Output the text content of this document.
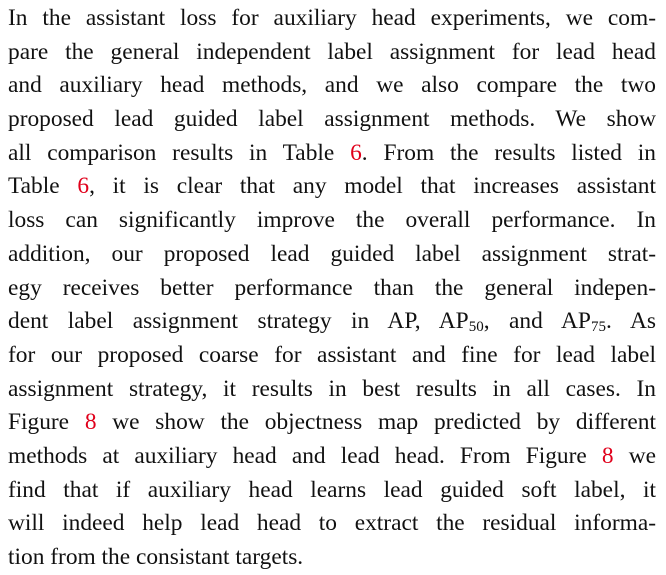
In the assistant loss for auxiliary head experiments, we com-
pare the general independent label assignment for lead head
and auxiliary head methods, and we also compare the two
proposed lead guided label assignment methods. We show
all comparison results in Table 6. From the results listed in
Table 6, it is clear that any model that increases assistant
loss can significantly improve the overall performance. In
addition, our proposed lead guided label assignment strat-
egy receives better performance than the general indepen-
dent label assignment strategy in AP, $AP_{50}$, and $AP_{75}$. As
for our proposed coarse for assistant and fine for lead label
assignment strategy, it results in best results in all cases. In
Figure 8 we show the objectness map predicted by different
methods at auxiliary head and lead head. From Figure 8 we
find that if auxiliary head learns lead guided soft label, it
will indeed help lead head to extract the residual informa-
tion from the consistant targets.
